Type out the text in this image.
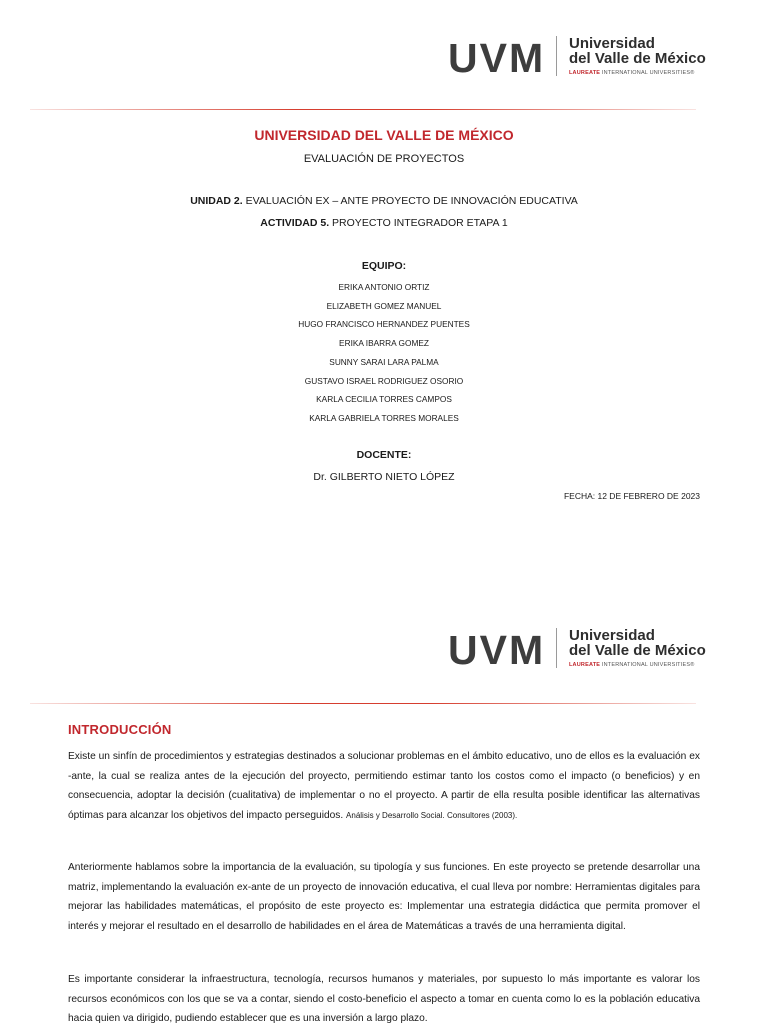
UVM Universidad
del Valle de México
LAUREATE INTERNATIONAL UNIVERSITIES®
UNIVERSIDAD DEL VALLE DE MÉXICO
EVALUACIÓN DE PROYECTOS
UNIDAD 2. EVALUACIÓN EX – ANTE PROYECTO DE INNOVACIÓN EDUCATIVA
ACTIVIDAD 5. PROYECTO INTEGRADOR ETAPA 1
EQUIPO:
ERIKA ANTONIO ORTIZ
ELIZABETH GOMEZ MANUEL
HUGO FRANCISCO HERNANDEZ PUENTES
ERIKA IBARRA GOMEZ
SUNNY SARAI LARA PALMA
GUSTAVO ISRAEL RODRIGUEZ OSORIO
KARLA CECILIA TORRES CAMPOS
KARLA GABRIELA TORRES MORALES
DOCENTE:
Dr. GILBERTO NIETO LÓPEZ
FECHA: 12 DE FEBRERO DE 2023
UVM Universidad
del Valle de México
LAUREATE INTERNATIONAL UNIVERSITIES®
INTRODUCCIÓN
Existe un sinfín de procedimientos y estrategias destinados a solucionar problemas en el ámbito educativo, uno de ellos es la evaluación ex -ante, la cual se realiza antes de la ejecución del proyecto, permitiendo estimar tanto los costos como el impacto (o beneficios) y en consecuencia, adoptar la decisión (cualitativa) de implementar o no el proyecto. A partir de ella resulta posible identificar las alternativas óptimas para alcanzar los objetivos del impacto perseguidos. Análisis y Desarrollo Social. Consultores (2003).
Anteriormente hablamos sobre la importancia de la evaluación, su tipología y sus funciones. En este proyecto se pretende desarrollar una matriz, implementando la evaluación ex-ante de un proyecto de innovación educativa, el cual lleva por nombre: Herramientas digitales para mejorar las habilidades matemáticas, el propósito de este proyecto es: Implementar una estrategia didáctica que permita promover el interés y mejorar el resultado en el desarrollo de habilidades en el área de Matemáticas a través de una herramienta digital.
Es importante considerar la infraestructura, tecnología, recursos humanos y materiales, por supuesto lo más importante es valorar los recursos económicos con los que se va a contar, siendo el costo-beneficio el aspecto a tomar en cuenta como lo es la población educativa hacia quien va dirigido, pudiendo establecer que es una inversión a largo plazo.
